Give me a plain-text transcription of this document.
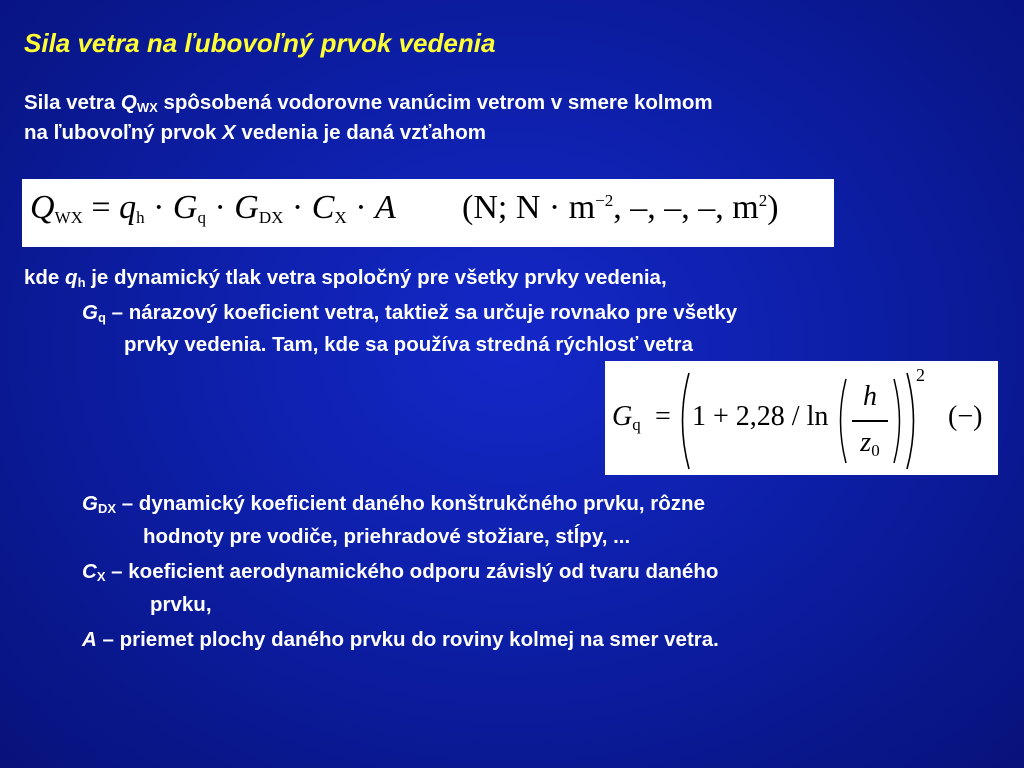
Sila vetra na ľubovoľný prvok vedenia
Sila vetra $Q_{WX}$ spôsobená vodorovne vanúcim vetrom v smere kolmom
na ľubovoľný prvok X vedenia je daná vzťahom
$Q_{WX} = q_h \cdot G_q \cdot G_{DX} \cdot C_X \cdot A$ (N; $N \cdot m^{-2}$, –, –, –, $m^2$)
kde $q_h$ je dynamický tlak vetra spoločný pre všetky prvky vedenia,
$G_q$ – nárazový koeficient vetra, taktiež sa určuje rovnako pre všetky
prvky vedenia. Tam, kde sa používa stredná rýchlosť vetra
$G_q = 1 + 2,28 / \ln$
h
$z_0$
2
(−)
$G_{DX}$ – dynamický koeficient daného konštrukčného prvku, rôzne
hodnoty pre vodiče, priehradové stožiare, stĺpy, ...
$C_X$ – koeficient aerodynamického odporu závislý od tvaru daného
prvku,
A – priemet plochy daného prvku do roviny kolmej na smer vetra.
